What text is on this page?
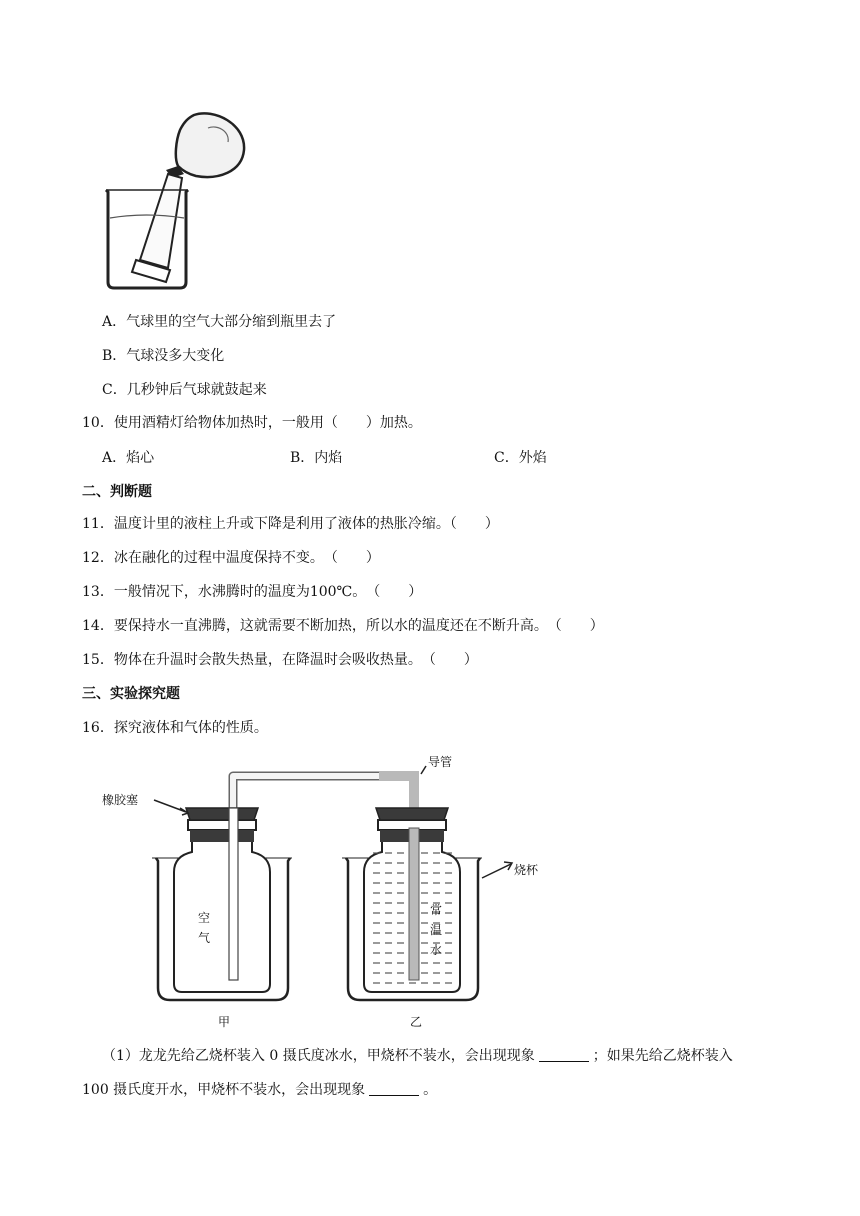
A．气球里的空气大部分缩到瓶里去了
B．气球没多大变化
C．几秒钟后气球就鼓起来
10．使用酒精灯给物体加热时，一般用（　　）加热。
A．焰心	B．内焰	C．外焰
二、判断题
11．温度计里的液柱上升或下降是利用了液体的热胀冷缩。（　　）
12．冰在融化的过程中温度保持不变。　（　　）
13．一般情况下，水沸腾时的温度为100℃。　（　　）
14．要保持水一直沸腾，这就需要不断加热，所以水的温度还在不断升高。　（　　）
15．物体在升温时会散失热量，在降温时会吸收热量。　（　　）
三、实验探究题
16．探究液体和气体的性质。
橡胶塞
导管
烧杯
空
气
常
温
水
甲	乙
（1）龙龙先给乙烧杯装入 0 摄氏度冰水，甲烧杯不装水，会出现现象	；如果先给乙烧杯装入
100 摄氏度开水，甲烧杯不装水，会出现现象	。
